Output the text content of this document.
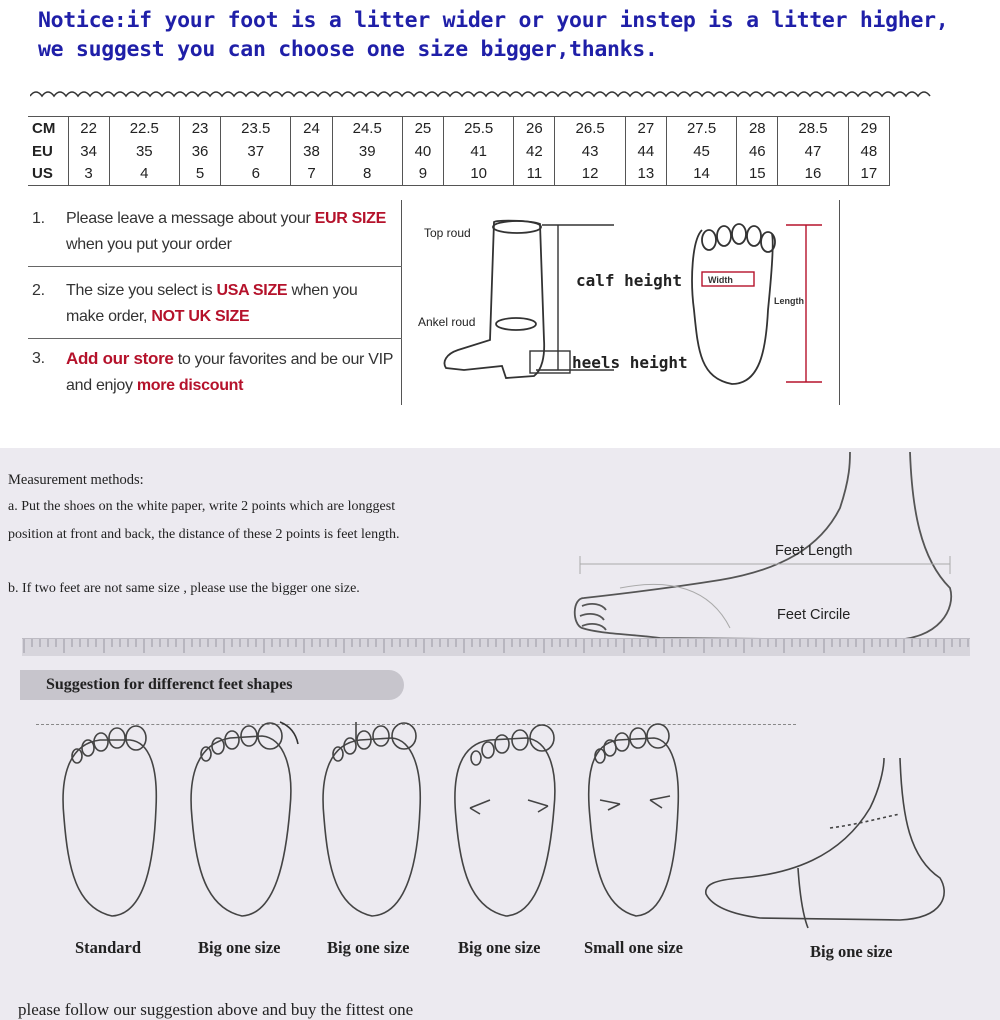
Notice:if your foot is a litter wider or your instep is a litter higher,
we suggest you can choose one size bigger,thanks.
CM	22	22.5	23	23.5	24	24.5	25	25.5	26	26.5	27	27.5	28	28.5	29
EU	34	35	36	37	38	39	40	41	42	43	44	45	46	47	48
US	3	4	5	6	7	8	9	10	11	12	13	14	15	16	17
1. Please leave a message about your EUR SIZE when you put your order
2. The size you select is USA SIZE when you make order, NOT UK SIZE
3. Add our store to your favorites and be our VIP and enjoy more discount
Top roud
Ankel roud
calf height
heels height
Width
Length
Measurement methods:
a. Put the shoes on the white paper, write 2 points which are longgest
position at front and back, the distance of these 2 points is feet length.
b. If two feet are not same size , please use the bigger one size.
Feet Length
Feet Circile
Suggestion for differenct feet shapes
Standard	Big one size	Big one size	Big one size	Small one size	Big one size
please follow our suggestion above and buy the fittest one
